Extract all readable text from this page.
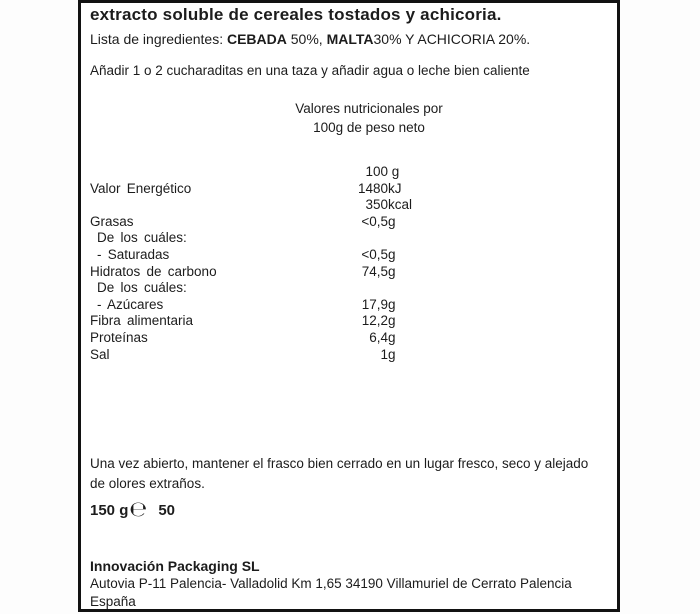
extracto soluble de cereales tostados y achicoria.
Lista de ingredientes: CEBADA 50%, MALTA30% Y ACHICORIA 20%.
Añadir 1 o 2 cucharaditas en una taza y añadir agua o leche bien caliente
Valores nutricionales por
100g de peso neto
100 g
Valor Energético	1480 kJ
350 kcal
Grasas	<0,5 g
De los cuáles:
- Saturadas	<0,5 g
Hidratos de carbono	74,5 g
De los cuáles:
- Azúcares	17,9 g
Fibra alimentaria	12,2 g
Proteínas	6,4 g
Sal	1 g
Una vez abierto, mantener el frasco bien cerrado en un lugar fresco, seco y alejado de olores extraños.
150 g ℮ 50
Innovación Packaging SL
Autovia P-11 Palencia- Valladolid Km 1,65 34190 Villamuriel de Cerrato Palencia
España
